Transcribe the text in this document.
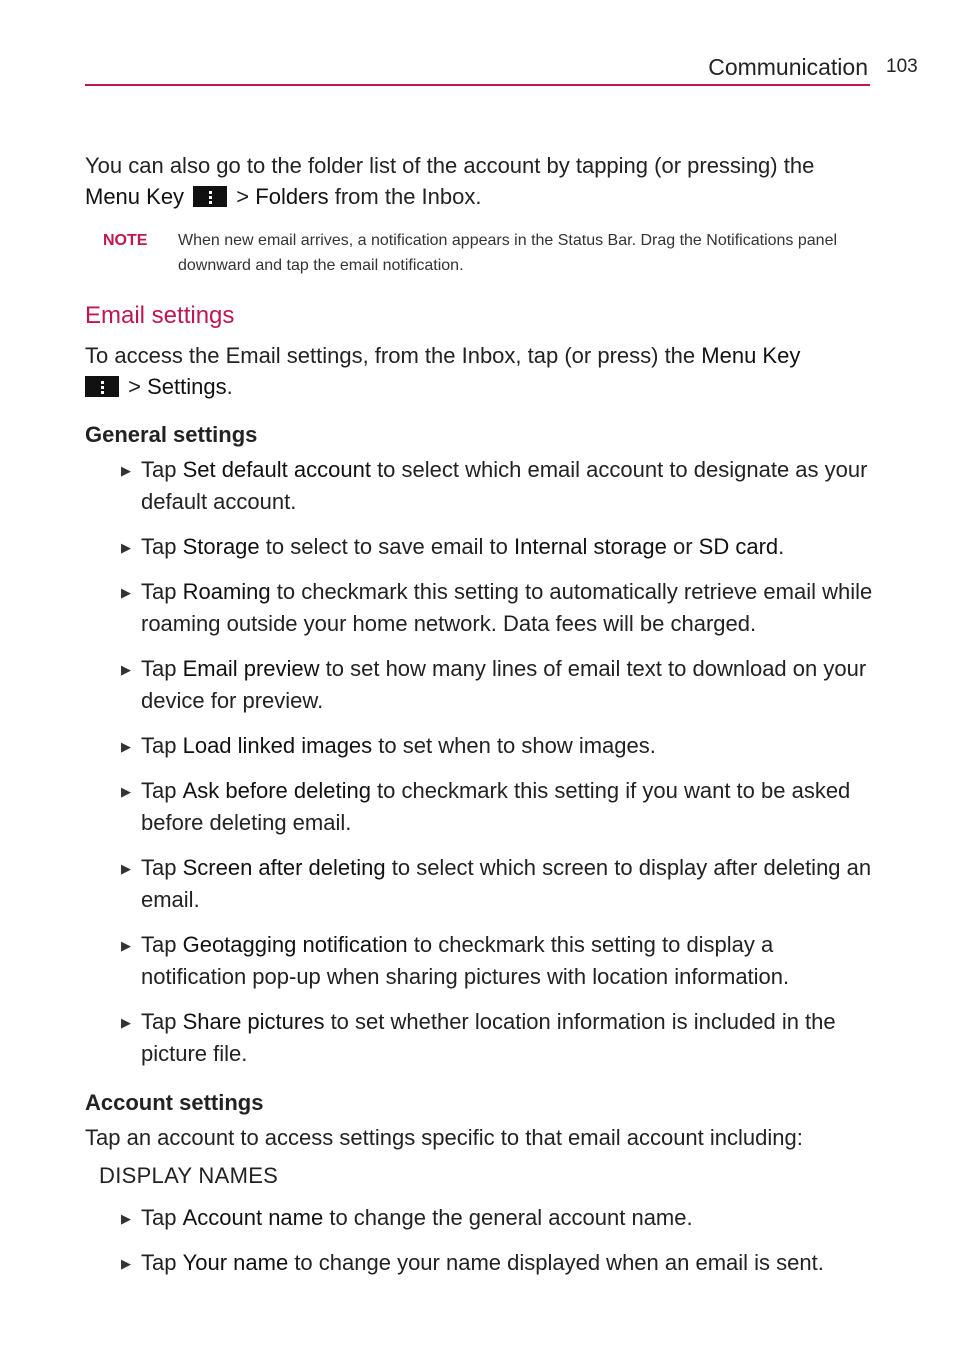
Communication 103

You can also go to the folder list of the account by tapping (or pressing) the
Menu Key
> Folders from the Inbox.

NOTE	When new email arrives, a notification appears in the Status Bar. Drag the Notifications panel downward and tap the email notification.
Email settings

To access the Email settings, from the Inbox, tap (or press) the Menu Key

> Settings.

General settings
▶ Tap Set default account to select which email account to designate as your default account.
▶ Tap Storage to select to save email to Internal storage or SD card.
▶ Tap Roaming to checkmark this setting to automatically retrieve email while roaming outside your home network. Data fees will be charged.
▶ Tap Email preview to set how many lines of email text to download on your device for preview.
▶ Tap Load linked images to set when to show images.
▶ Tap Ask before deleting to checkmark this setting if you want to be asked before deleting email.
▶ Tap Screen after deleting to select which screen to display after deleting an email.
▶ Tap Geotagging notification to checkmark this setting to display a notification pop-up when sharing pictures with location information.
▶ Tap Share pictures to set whether location information is included in the picture file.
Account settings

Tap an account to access settings specific to that email account including:

DISPLAY NAMES
▶ Tap Account name to change the general account name.
▶ Tap Your name to change your name displayed when an email is sent.
